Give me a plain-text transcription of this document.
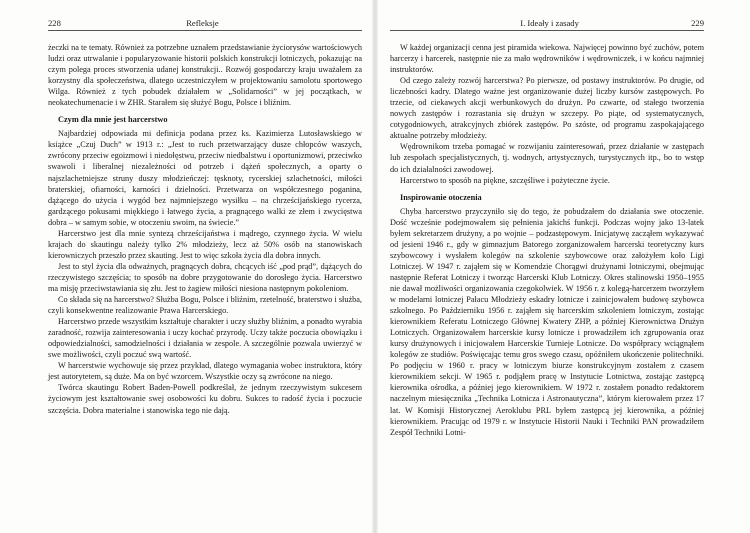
228	Refleksje

żeczki na te tematy. Również za potrzebne uznałem przedstawianie życiorysów wartościowych ludzi oraz utrwalanie i popularyzowanie historii polskich konstrukcji lotniczych, pokazując na czym polega proces stworzenia udanej konstrukcji.. Rozwój gospodarczy kraju uważałem za korzystny dla społeczeństwa, dlatego uczestniczyłem w projektowaniu samolotu sportowego Wilga. Również z tych pobudek działałem w „Solidarności” w jej początkach, w neokatechumenacie i w ZHR. Starałem się służyć Bogu, Polsce i bliźnim.

Czym dla mnie jest harcerstwo

Najbardziej odpowiada mi definicja podana przez ks. Kazimierza Lutosławskiego w książce „Czuj Duch” w 1913 r.: „Jest to ruch przetwarzający dusze chłopców waszych, zwrócony przeciw egoizmowi i niedołęstwu, przeciw niedbalstwu i oportunizmowi, przeciwko swawoli i liberalnej niezależności od potrzeb i dążeń społecznych, a oparty o najszlachetniejsze struny duszy młodzieńczej: tęsknoty, rycerskiej szlachetności, miłości braterskiej, ofiarności, karności i dzielności. Przetwarza on współczesnego poganina, dążącego do użycia i wygód bez najmniejszego wysiłku – na chrześcijańskiego rycerza, gardzącego pokusami miękkiego i łatwego życia, a pragnącego walki ze złem i zwycięstwa dobra – w samym sobie, w otoczeniu swoim, na świecie.”

Harcerstwo jest dla mnie syntezą chrześcijaństwa i mądrego, czynnego życia. W wielu krajach do skautingu należy tylko 2% młodzieży, lecz aż 50% osób na stanowiskach kierowniczych przeszło przez skauting. Jest to więc szkoła życia dla dobra innych.

Jest to styl życia dla odważnych, pragnących dobra, chcących iść „pod prąd”, dążących do rzeczywistego szczęścia; to sposób na dobre przygotowanie do dorosłego życia. Harcerstwo ma misję przeciwstawiania się złu. Jest to żagiew miłości niesiona następnym pokoleniom.

Co składa się na harcerstwo? Służba Bogu, Polsce i bliźnim, rzetelność, braterstwo i służba, czyli konsekwentne realizowanie Prawa Harcerskiego.

Harcerstwo przede wszystkim kształtuje charakter i uczy służby bliźnim, a ponadto wyrabia zaradność, rozwija zainteresowania i uczy kochać przyrodę. Uczy także poczucia obowiązku i odpowiedzialności, samodzielności i działania w zespole. A szczególnie pozwala uwierzyć w swe możliwości, czyli poczuć swą wartość.

W harcerstwie wychowuje się przez przykład, dlatego wymagania wobec instruktora, który jest autorytetem, są duże. Ma on być wzorcem. Wszystkie oczy są zwrócone na niego.

Twórca skautingu Robert Baden-Powell podkreślał, że jednym rzeczywistym sukcesem życiowym jest kształtowanie swej osobowości ku dobru. Sukces to radość życia i poczucie szczęścia. Dobra materialne i stanowiska tego nie dają.

I. Ideały i zasady	229

W każdej organizacji cenna jest piramida wiekowa. Najwięcej powinno być zuchów, potem harcerzy i harcerek, następnie nie za mało wędrowników i wędrowniczek, i w końcu najmniej instruktorów.

Od czego zależy rozwój harcerstwa? Po pierwsze, od postawy instruktorów. Po drugie, od liczebności kadry. Dlatego ważne jest organizowanie dużej liczby kursów zastępowych. Po trzecie, od ciekawych akcji werbunkowych do drużyn. Po czwarte, od stałego tworzenia nowych zastępów i rozrastania się drużyn w szczepy. Po piąte, od systematycznych, cotygodniowych, atrakcyjnych zbiórek zastępów. Po szóste, od programu zaspokajającego aktualne potrzeby młodzieży.

Wędrownikom trzeba pomagać w rozwijaniu zainteresowań, przez działanie w zastępach lub zespołach specjalistycznych, tj. wodnych, artystycznych, turystycznych itp., bo to wstęp do ich działalności zawodowej.

Harcerstwo to sposób na piękne, szczęśliwe i pożyteczne życie.

Inspirowanie otoczenia

Chyba harcerstwo przyczyniło się do tego, że pobudzałem do działania swe otoczenie. Dość wcześnie podejmowałem się pełnienia jakichś funkcji. Podczas wojny jako 13-latek byłem sekretarzem drużyny, a po wojnie – podzastępowym. Inicjatywę zacząłem wykazywać od jesieni 1946 r., gdy w gimnazjum Batorego zorganizowałem harcerski teoretyczny kurs szybowcowy i wysłałem kolegów na szkolenie szybowcowe oraz założyłem koło Ligi Lotniczej. W 1947 r. zająłem się w Komendzie Chorągwi drużynami lotniczymi, obejmując następnie Referat Lotniczy i tworząc Harcerski Klub Lotniczy. Okres stalinowski 1950–1955 nie dawał możliwości organizowania czegokolwiek. W 1956 r. z kolegą-harcerzem tworzyłem w modelarni lotniczej Pałacu Młodzieży eskadry lotnicze i zainicjowałem budowę szybowca szkolnego. Po Październiku 1956 r. zająłem się harcerskim szkoleniem lotniczym, zostając kierownikiem Referatu Lotniczego Głównej Kwatery ZHP, a później Kierownictwa Drużyn Lotniczych. Organizowałem harcerskie kursy lotnicze i prowadziłem ich zgrupowania oraz kursy drużynowych i inicjowałem Harcerskie Turnieje Lotnicze. Do współpracy wciągnąłem kolegów ze studiów. Poświęcając temu gros swego czasu, opóźniłem ukończenie politechniki. Po podjęciu w 1960 r. pracy w lotniczym biurze konstrukcyjnym zostałem z czasem kierownikiem sekcji. W 1965 r. podjąłem pracę w Instytucie Lotnictwa, zostając zastępcą kierownika ośrodka, a później jego kierownikiem. W 1972 r. zostałem ponadto redaktorem naczelnym miesięcznika „Technika Lotnicza i Astronautyczna”, którym kierowałem przez 17 lat. W Komisji Historycznej Aeroklubu PRL byłem zastępcą jej kierownika, a później kierownikiem. Pracując od 1979 r. w Instytucie Historii Nauki i Techniki PAN prowadziłem Zespół Techniki Lotni-
